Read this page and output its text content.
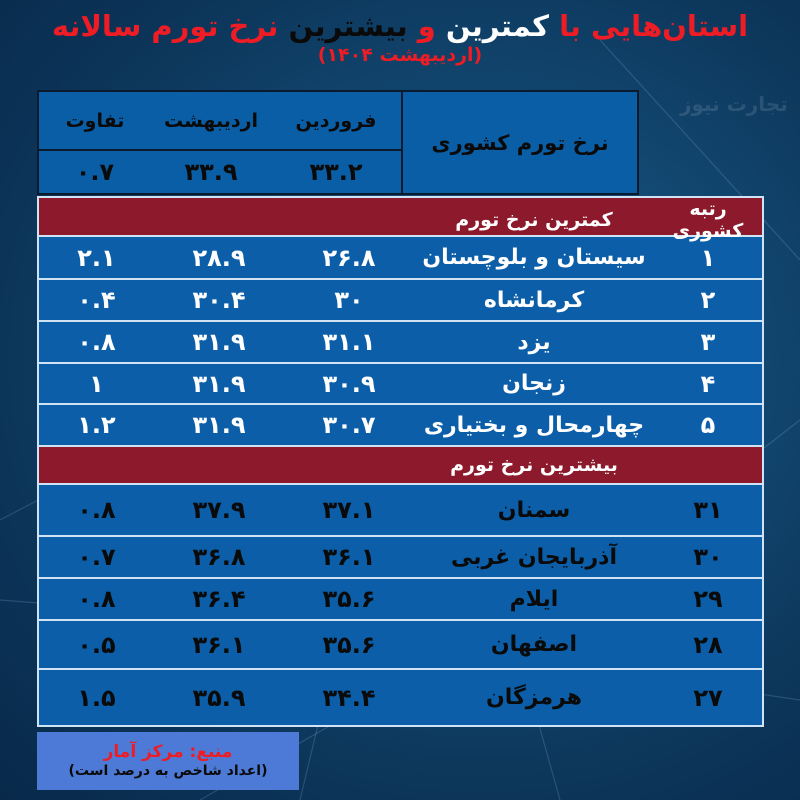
تجارت نیوز
استان‌هایی با کمترین و بیشترین نرخ تورم سالانه
(اردیبهشت ۱۴۰۴)
نرخ تورم کشوری
فروردین
اردیبهشت
تفاوت
۳۳.۲
۳۳.۹
۰.۷
رتبه کشوری
کمترین نرخ تورم
۱
سیستان و بلوچستان
۲۶.۸
۲۸.۹
۲.۱
۲
کرمانشاه
۳۰
۳۰.۴
۰.۴
۳
یزد
۳۱.۱
۳۱.۹
۰.۸
۴
زنجان
۳۰.۹
۳۱.۹
۱
۵
چهارمحال و بختیاری
۳۰.۷
۳۱.۹
۱.۲
بیشترین نرخ تورم
۳۱
سمنان
۳۷.۱
۳۷.۹
۰.۸
۳۰
آذربایجان غربی
۳۶.۱
۳۶.۸
۰.۷
۲۹
ایلام
۳۵.۶
۳۶.۴
۰.۸
۲۸
اصفهان
۳۵.۶
۳۶.۱
۰.۵
۲۷
هرمزگان
۳۴.۴
۳۵.۹
۱.۵
منبع: مرکز آمار
(اعداد شاخص به درصد است)
